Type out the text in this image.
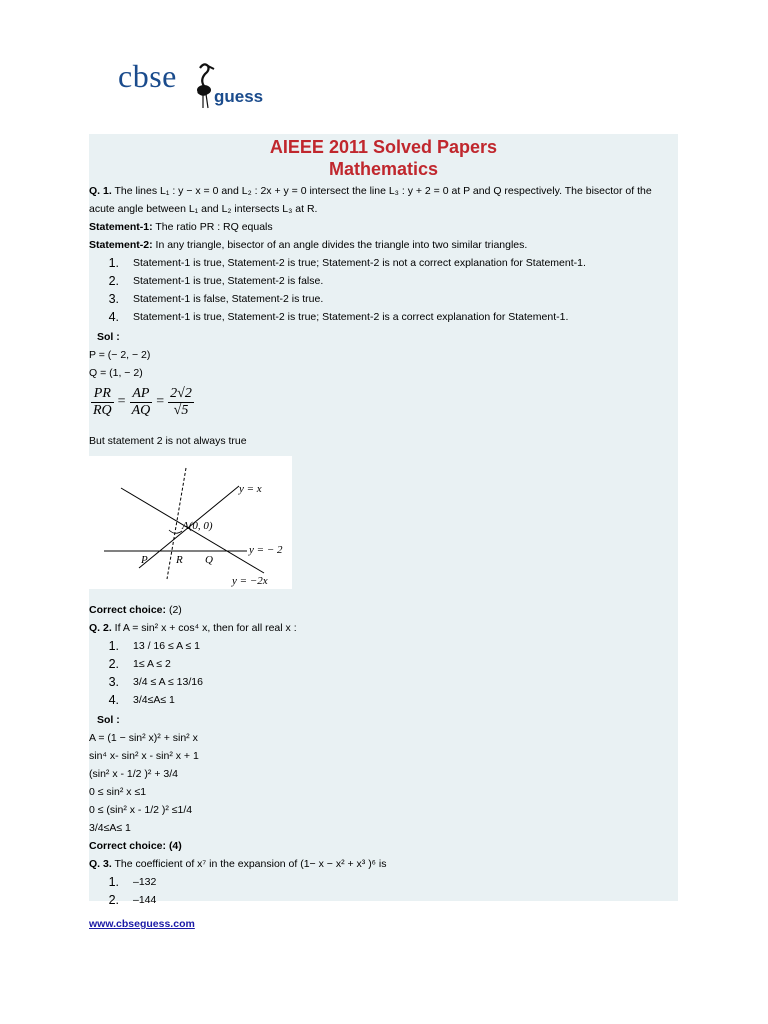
cbse
guess
AIEEE 2011 Solved Papers
Mathematics

Q. 1. The lines L₁ : y − x = 0 and L₂ : 2x + y = 0 intersect the line L₃ : y + 2 = 0 at P and Q respectively. The bisector of the acute angle between L₁ and L₂ intersects L₃ at R.

Statement-1: The ratio PR : RQ equals

Statement-2: In any triangle, bisector of an angle divides the triangle into two similar triangles.

1.	Statement-1 is true, Statement-2 is true; Statement-2 is not a correct explanation for Statement-1.
2.	Statement-1 is true, Statement-2 is false.
3.	Statement-1 is false, Statement-2 is true.
4.	Statement-1 is true, Statement-2 is true; Statement-2 is a correct explanation for Statement-1.
Sol :

P = (− 2, − 2)

Q = (1, − 2)

$\frac{PR}{RQ} = \frac{AP}{AQ} = \frac{2√2}{√5}$

But statement 2 is not always true

y = x
A(0, 0)
y = − 2
P	R Q
y = −2x

Correct choice: (2)

Q. 2. If A = sin² x + cos⁴ x, then for all real x :

1.	13 / 16 ≤ A ≤ 1
2.	1≤ A ≤ 2
3.	3/4 ≤ A ≤ 13/16
4.	3/4≤A≤ 1
Sol :

A = (1 − sin² x)² + sin² x

sin⁴ x- sin² x - sin² x + 1

(sin² x - 1/2 )² + 3/4

0 ≤ sin² x ≤1

0 ≤ (sin² x - 1/2 )² ≤1/4

3/4≤A≤ 1

Correct choice: (4)

Q. 3. The coefficient of x⁷ in the expansion of (1− x − x² + x³ )⁶ is

1.	–132
2.	–144
www.cbseguess.com
